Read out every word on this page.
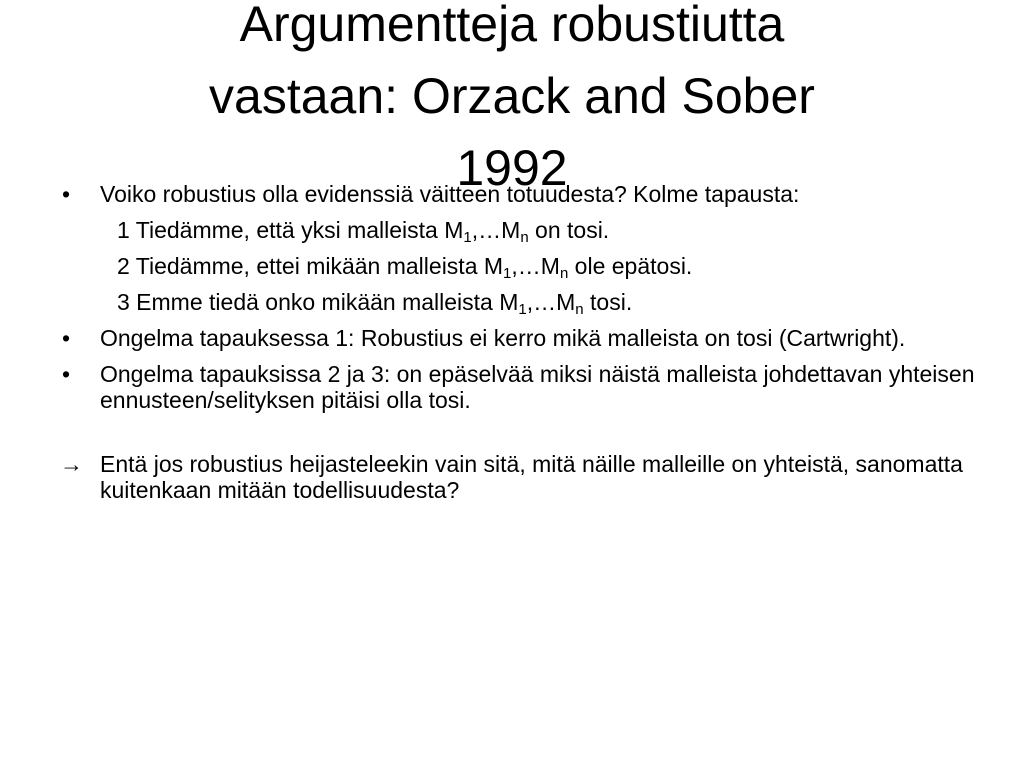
Argumentteja robustiutta
vastaan: Orzack and Sober
1992
• Voiko robustius olla evidenssiä väitteen totuudesta? Kolme tapausta:
1 Tiedämme, että yksi malleista $M_1,\dots M_n$ on tosi.
2 Tiedämme, ettei mikään malleista $M_1,\dots M_n$ ole epätosi.
3 Emme tiedä onko mikään malleista $M_1,\dots M_n$ tosi.
• Ongelma tapauksessa 1: Robustius ei kerro mikä malleista on tosi (Cartwright).
• Ongelma tapauksissa 2 ja 3: on epäselvää miksi näistä malleista johdettavan yhteisen ennusteen/selityksen pitäisi olla tosi.
→ Entä jos robustius heijasteleekin vain sitä, mitä näille malleille on yhteistä, sanomatta kuitenkaan mitään todellisuudesta?
